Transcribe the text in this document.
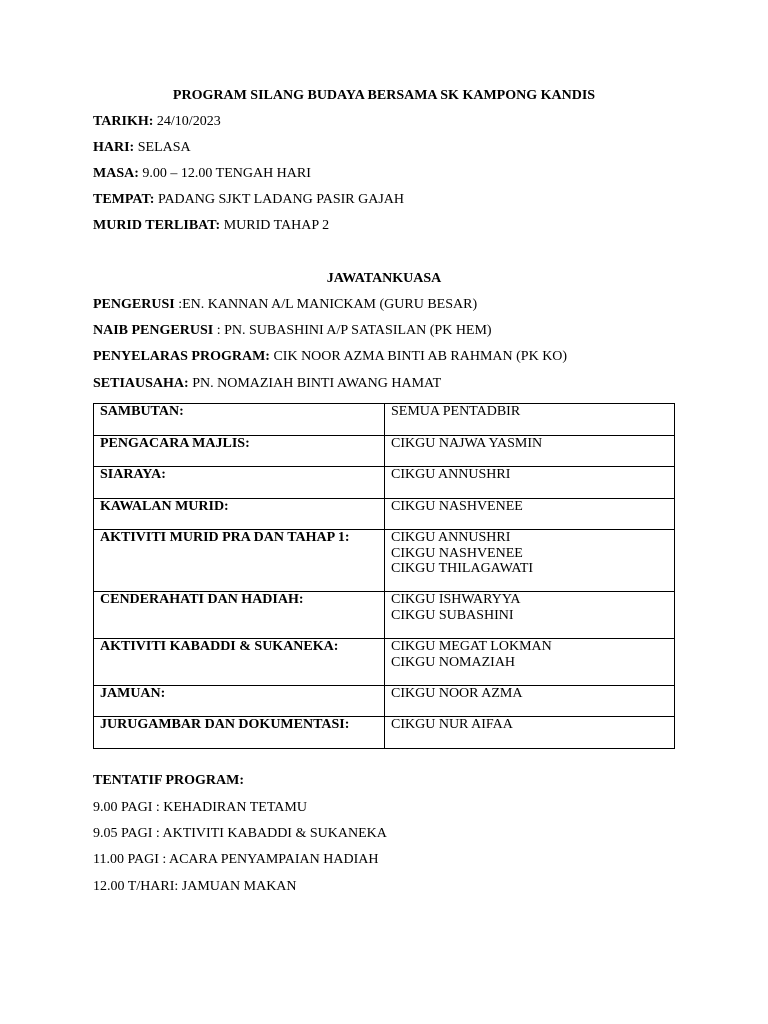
PROGRAM SILANG BUDAYA BERSAMA SK KAMPONG KANDIS
TARIKH: 24/10/2023
HARI: SELASA
MASA: 9.00 – 12.00 TENGAH HARI
TEMPAT: PADANG SJKT LADANG PASIR GAJAH
MURID TERLIBAT: MURID TAHAP 2
JAWATANKUASA
PENGERUSI :EN. KANNAN A/L MANICKAM (GURU BESAR)
NAIB PENGERUSI : PN. SUBASHINI A/P SATASILAN (PK HEM)
PENYELARAS PROGRAM: CIK NOOR AZMA BINTI AB RAHMAN (PK KO)
SETIAUSAHA: PN. NOMAZIAH BINTI AWANG HAMAT
SAMBUTAN:	SEMUA PENTADBIR

PENGACARA MAJLIS:	CIKGU NAJWA YASMIN

SIARAYA:	CIKGU ANNUSHRI

KAWALAN MURID:	CIKGU NASHVENEE

AKTIVITI MURID PRA DAN TAHAP 1:	CIKGU ANNUSHRI
CIKGU NASHVENEE
CIKGU THILAGAWATI

CENDERAHATI DAN HADIAH:	CIKGU ISHWARYYA
CIKGU SUBASHINI

AKTIVITI KABADDI & SUKANEKA:	CIKGU MEGAT LOKMAN
CIKGU NOMAZIAH

JAMUAN:	CIKGU NOOR AZMA

JURUGAMBAR DAN DOKUMENTASI:	CIKGU NUR AIFAA
TENTATIF PROGRAM:
9.00 PAGI : KEHADIRAN TETAMU
9.05 PAGI : AKTIVITI KABADDI & SUKANEKA
11.00 PAGI : ACARA PENYAMPAIAN HADIAH
12.00 T/HARI: JAMUAN MAKAN
